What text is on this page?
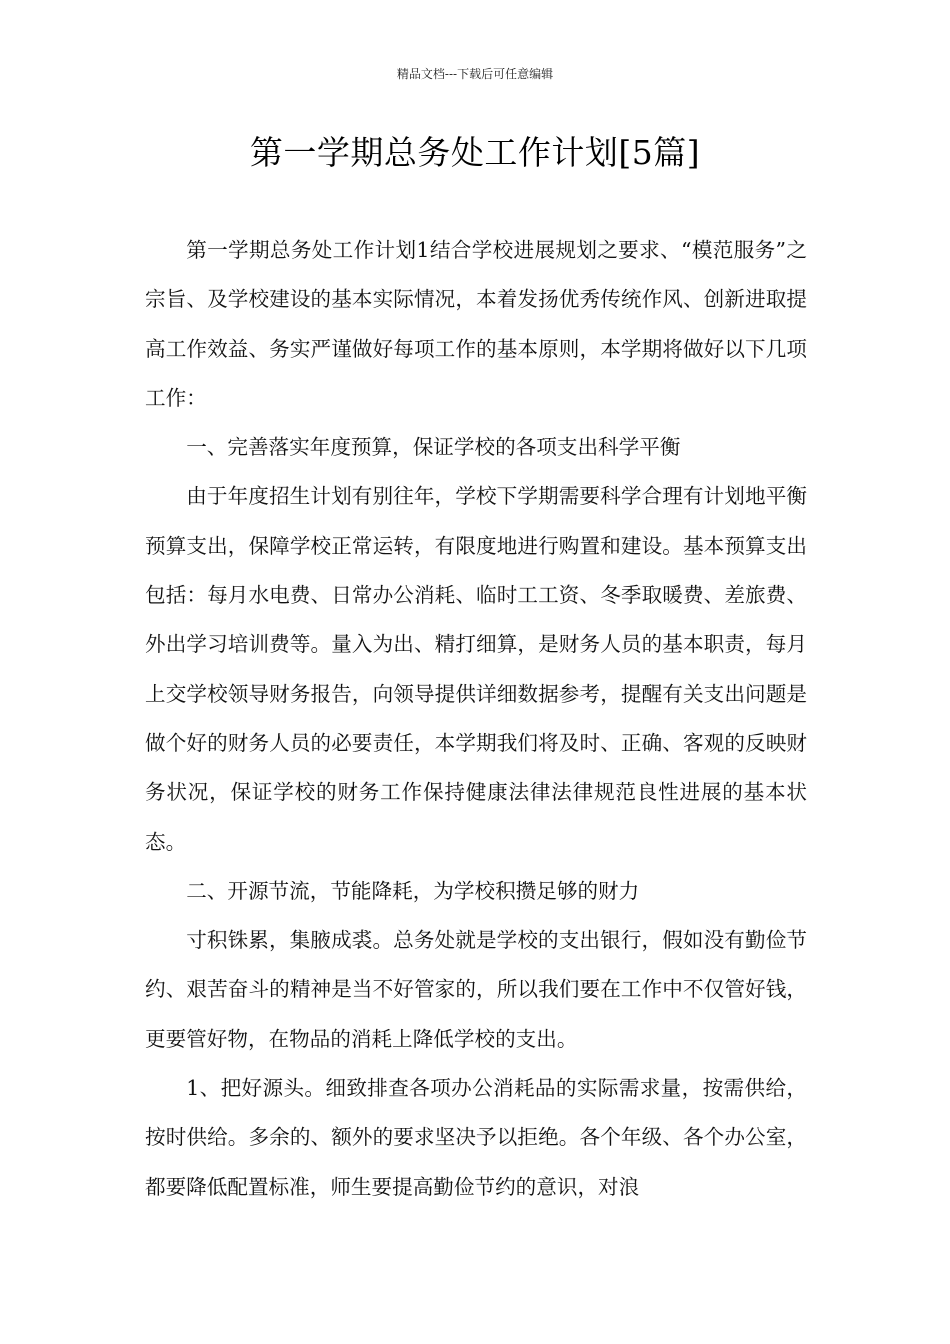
精品文档---下载后可任意编辑
第一学期总务处工作计划[5篇]

第一学期总务处工作计划1结合学校进展规划之要求、“模范服务”之宗旨、及学校建设的基本实际情况，本着发扬优秀传统作风、创新进取提高工作效益、务实严谨做好每项工作的基本原则，本学期将做好以下几项工作：

一、完善落实年度预算，保证学校的各项支出科学平衡

由于年度招生计划有别往年，学校下学期需要科学合理有计划地平衡预算支出，保障学校正常运转，有限度地进行购置和建设。基本预算支出包括：每月水电费、日常办公消耗、临时工工资、冬季取暖费、差旅费、外出学习培训费等。量入为出、精打细算，是财务人员的基本职责，每月上交学校领导财务报告，向领导提供详细数据参考，提醒有关支出问题是做个好的财务人员的必要责任，本学期我们将及时、正确、客观的反映财务状况，保证学校的财务工作保持健康法律法律规范良性进展的基本状态。

二、开源节流，节能降耗，为学校积攒足够的财力

寸积铢累，集腋成裘。总务处就是学校的支出银行，假如没有勤俭节约、艰苦奋斗的精神是当不好管家的，所以我们要在工作中不仅管好钱，更要管好物，在物品的消耗上降低学校的支出。

1、把好源头。细致排查各项办公消耗品的实际需求量，按需供给，按时供给。多余的、额外的要求坚决予以拒绝。各个年级、各个办公室，都要降低配置标准，师生要提高勤俭节约的意识，对浪
